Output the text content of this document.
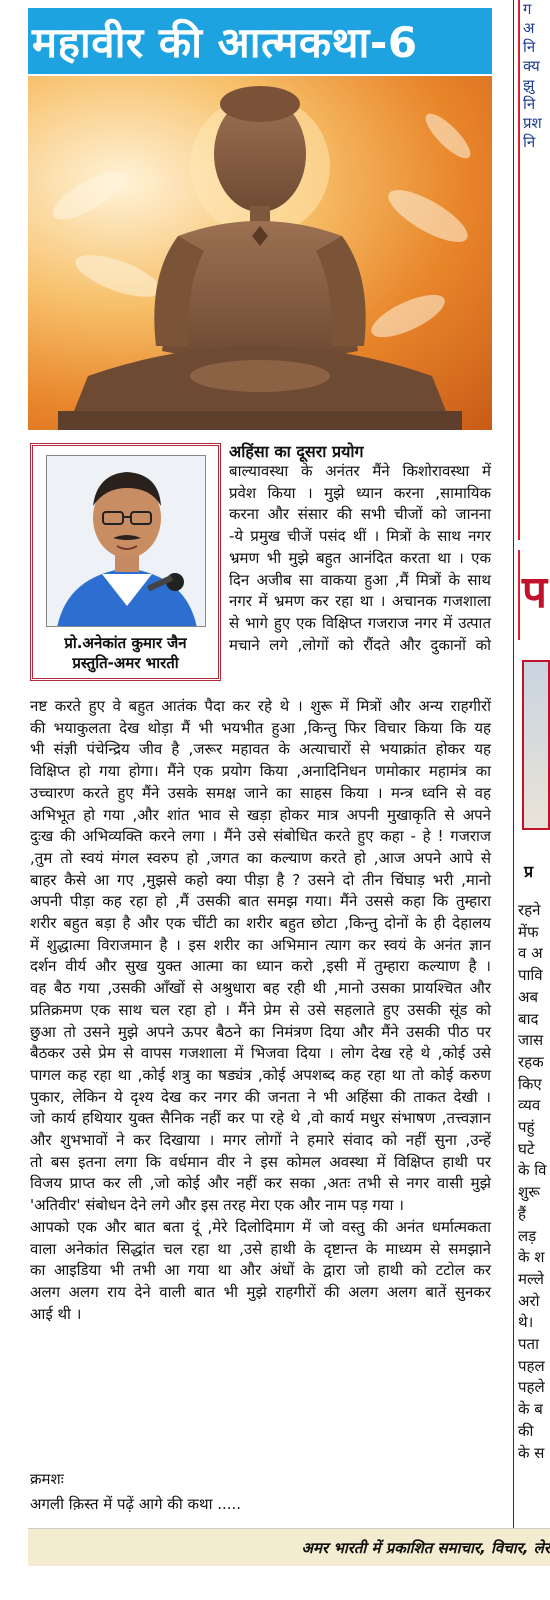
ग

अ

नि

क्य

झु

नि

प्रश

नि

प
प्र

रहने

मेंफ

व अ

पावि

अब

बाद

जास

रहक

किए

व्यव

पहुं

घटे

के वि

शुरू

हैं

लड़

के श

मल्ले

अरो

थे।

पता

पहल

पहले

के ब

की

के स

महावीर की आत्मकथा-6
प्रो.अनेकांत कुमार जैन
प्रस्तुति-अमर भारती
अहिंसा का दूसरा प्रयोग
बाल्यावस्था के अनंतर मैंने किशोरावस्था में
प्रवेश किया । मुझे ध्यान करना ,सामायिक
करना और संसार की सभी चीजों को जानना
-ये प्रमुख चीजें पसंद थीं । मित्रों के साथ नगर
भ्रमण भी मुझे बहुत आनंदित करता था । एक
दिन अजीब सा वाकया हुआ ,मैं मित्रों के साथ
नगर में भ्रमण कर रहा था । अचानक गजशाला
से भागे हुए एक विक्षिप्त गजराज नगर में उत्पात
मचाने लगे ,लोगों को रौंदते और दुकानों को
नष्ट करते हुए वे बहुत आतंक पैदा कर रहे थे । शुरू में मित्रों और अन्य राहगीरों
की भयाकुलता देख थोड़ा मैं भी भयभीत हुआ ,किन्तु फिर विचार किया कि यह
भी संज्ञी पंचेन्द्रिय जीव है ,जरूर महावत के अत्याचारों से भयाक्रांत होकर यह
विक्षिप्त हो गया होगा। मैंने एक प्रयोग किया ,अनादिनिधन णमोकार महामंत्र का
उच्चारण करते हुए मैंने उसके समक्ष जाने का साहस किया । मन्त्र ध्वनि से वह
अभिभूत हो गया ,और शांत भाव से खड़ा होकर मात्र अपनी मुखाकृति से अपने
दुःख की अभिव्यक्ति करने लगा । मैंने उसे संबोधित करते हुए कहा - हे ! गजराज
,तुम तो स्वयं मंगल स्वरुप हो ,जगत का कल्याण करते हो ,आज अपने आपे से
बाहर कैसे आ गए ,मुझसे कहो क्या पीड़ा है ? उसने दो तीन चिंघाड़ भरी ,मानो
अपनी पीड़ा कह रहा हो ,मैं उसकी बात समझ गया। मैंने उससे कहा कि तुम्हारा
शरीर बहुत बड़ा है और एक चींटी का शरीर बहुत छोटा ,किन्तु दोनों के ही देहालय
में शुद्धात्मा विराजमान है । इस शरीर का अभिमान त्याग कर स्वयं के अनंत ज्ञान
दर्शन वीर्य और सुख युक्त आत्मा का ध्यान करो ,इसी में तुम्हारा कल्याण है ।
वह बैठ गया ,उसकी आँखों से अश्रुधारा बह रही थी ,मानो उसका प्रायश्चित और
प्रतिक्रमण एक साथ चल रहा हो । मैंने प्रेम से उसे सहलाते हुए उसकी सूंड को
छुआ तो उसने मुझे अपने ऊपर बैठने का निमंत्रण दिया और मैंने उसकी पीठ पर
बैठकर उसे प्रेम से वापस गजशाला में भिजवा दिया । लोग देख रहे थे ,कोई उसे
पागल कह रहा था ,कोई शत्रु का षड्यंत्र ,कोई अपशब्द कह रहा था तो कोई करुण
पुकार, लेकिन ये दृश्य देख कर नगर की जनता ने भी अहिंसा की ताकत देखी ।
जो कार्य हथियार युक्त सैनिक नहीं कर पा रहे थे ,वो कार्य मधुर संभाषण ,तत्त्वज्ञान
और शुभभावों ने कर दिखाया । मगर लोगों ने हमारे संवाद को नहीं सुना ,उन्हें
तो बस इतना लगा कि वर्धमान वीर ने इस कोमल अवस्था में विक्षिप्त हाथी पर
विजय प्राप्त कर ली ,जो कोई और नहीं कर सका ,अतः तभी से नगर वासी मुझे
'अतिवीर' संबोधन देने लगे और इस तरह मेरा एक और नाम पड़ गया ।
आपको एक और बात बता दूं ,मेरे दिलोदिमाग में जो वस्तु की अनंत धर्मात्मकता
वाला अनेकांत सिद्धांत चल रहा था ,उसे हाथी के दृष्टान्त के माध्यम से समझाने
का आइडिया भी तभी आ गया था और अंधों के द्वारा जो हाथी को टटोल कर
अलग अलग राय देने वाली बात भी मुझे राहगीरों की अलग अलग बातें सुनकर
आई थी ।
क्रमशः
अगली क़िस्त में पढ़ें आगे की कथा .....
अमर भारती में प्रकाशित समाचार, विचार, लेर
